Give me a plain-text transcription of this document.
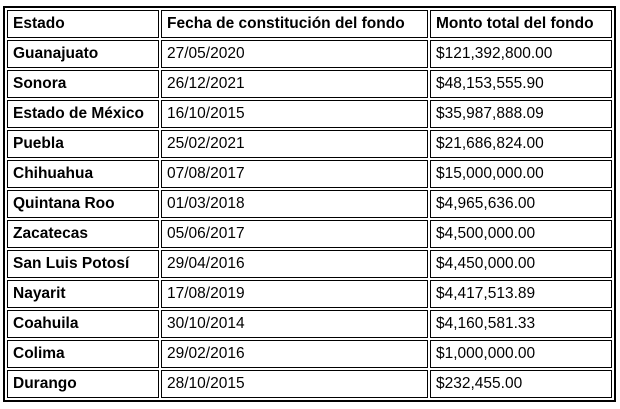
Estado	Fecha de constitución del fondo	Monto total del fondo
Guanajuato	27/05/2020	$121,392,800.00
Sonora	26/12/2021	$48,153,555.90
Estado de México	16/10/2015	$35,987,888.09
Puebla	25/02/2021	$21,686,824.00
Chihuahua	07/08/2017	$15,000,000.00
Quintana Roo	01/03/2018	$4,965,636.00
Zacatecas	05/06/2017	$4,500,000.00
San Luis Potosí	29/04/2016	$4,450,000.00
Nayarit	17/08/2019	$4,417,513.89
Coahuila	30/10/2014	$4,160,581.33
Colima	29/02/2016	$1,000,000.00
Durango	28/10/2015	$232,455.00
